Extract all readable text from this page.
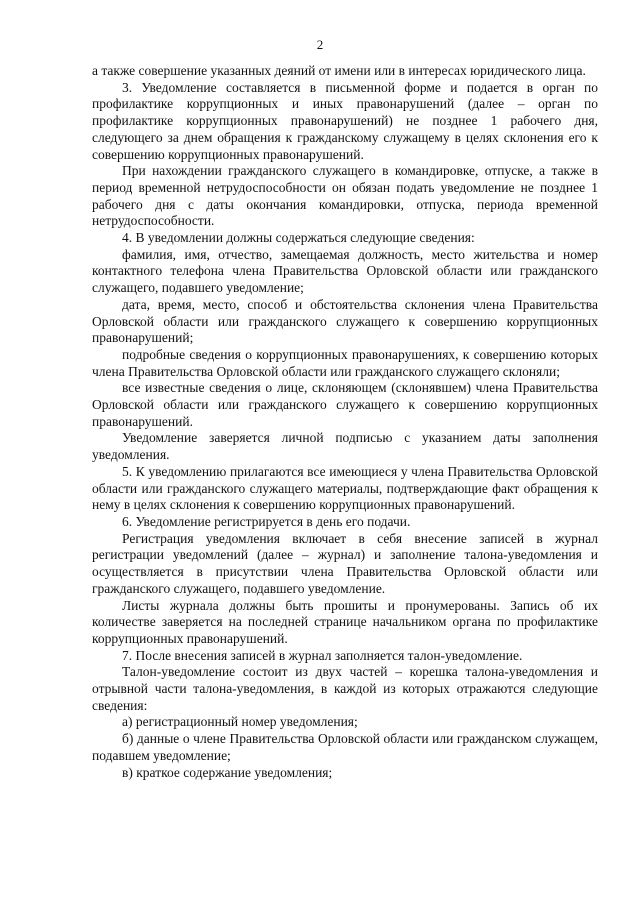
2

а также совершение указанных деяний от имени или в интересах юридического лица.

3. Уведомление составляется в письменной форме и подается в орган по профилактике коррупционных и иных правонарушений (далее – орган по профилактике коррупционных правонарушений) не позднее 1 рабочего дня, следующего за днем обращения к гражданскому служащему в целях склонения его к совершению коррупционных правонарушений.

При нахождении гражданского служащего в командировке, отпуске, а также в период временной нетрудоспособности он обязан подать уведомление не позднее 1 рабочего дня с даты окончания командировки, отпуска, периода временной нетрудоспособности.

4. В уведомлении должны содержаться следующие сведения:

фамилия, имя, отчество, замещаемая должность, место жительства и номер контактного телефона члена Правительства Орловской области или гражданского служащего, подавшего уведомление;

дата, время, место, способ и обстоятельства склонения члена Правительства Орловской области или гражданского служащего к совершению коррупционных правонарушений;

подробные сведения о коррупционных правонарушениях, к совершению которых члена Правительства Орловской области или гражданского служащего склоняли;

все известные сведения о лице, склоняющем (склонявшем) члена Правительства Орловской области или гражданского служащего к совершению коррупционных правонарушений.

Уведомление заверяется личной подписью с указанием даты заполнения уведомления.

5. К уведомлению прилагаются все имеющиеся у члена Правительства Орловской области или гражданского служащего материалы, подтверждающие факт обращения к нему в целях склонения к совершению коррупционных правонарушений.

6. Уведомление регистрируется в день его подачи.

Регистрация уведомления включает в себя внесение записей в журнал регистрации уведомлений (далее – журнал) и заполнение талона-уведомления и осуществляется в присутствии члена Правительства Орловской области или гражданского служащего, подавшего уведомление.

Листы журнала должны быть прошиты и пронумерованы. Запись об их количестве заверяется на последней странице начальником органа по профилактике коррупционных правонарушений.

7. После внесения записей в журнал заполняется талон-уведомление.

Талон-уведомление состоит из двух частей – корешка талона-уведомления и отрывной части талона-уведомления, в каждой из которых отражаются следующие сведения:

а) регистрационный номер уведомления;

б) данные о члене Правительства Орловской области или гражданском служащем, подавшем уведомление;

в) краткое содержание уведомления;
